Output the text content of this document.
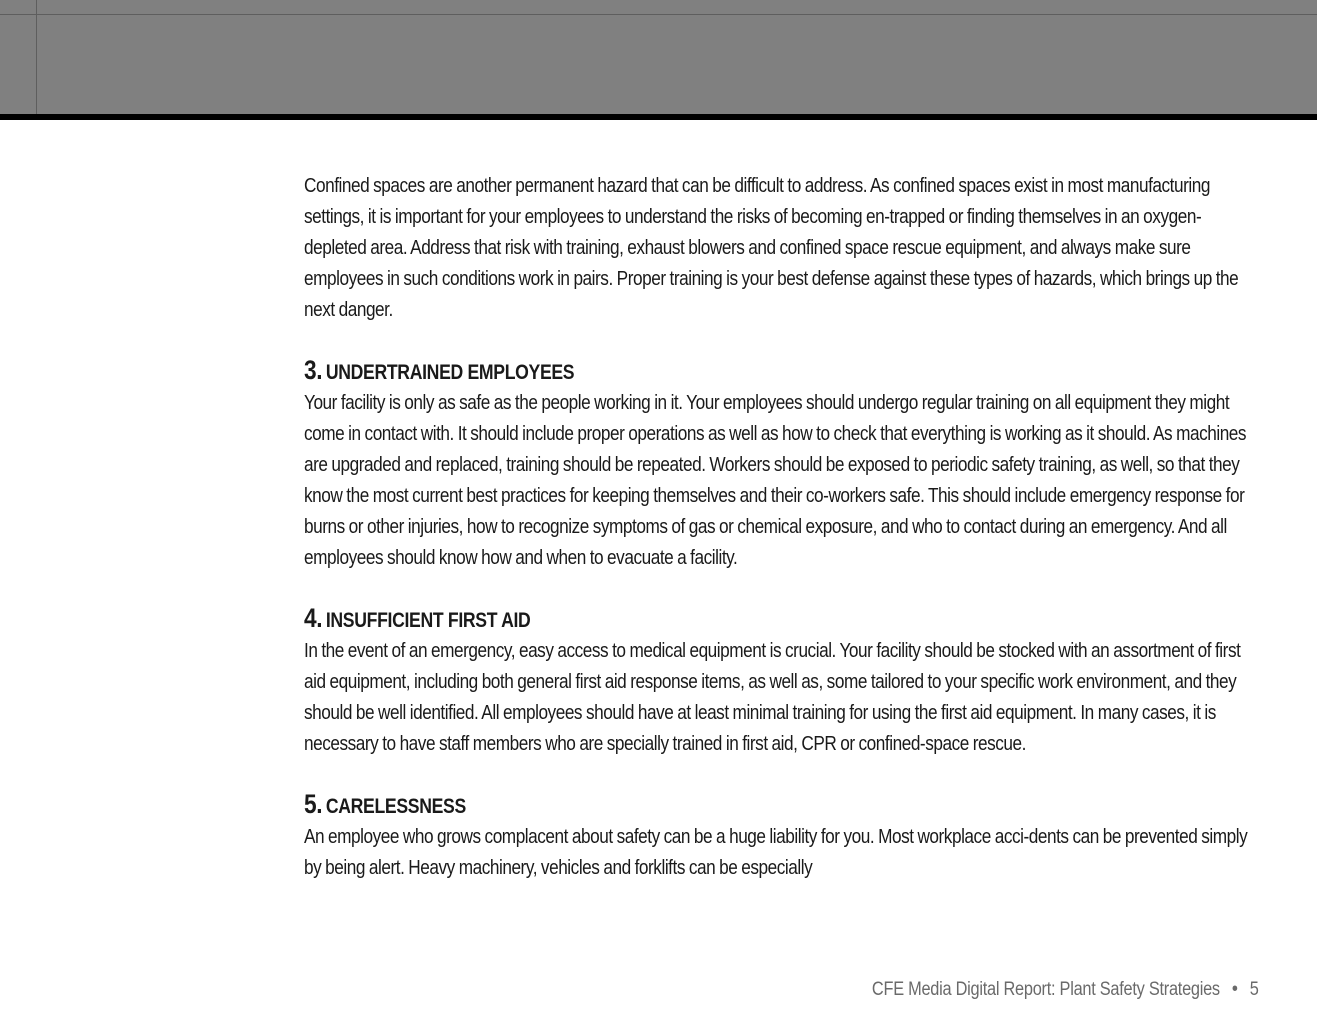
Confined spaces are another permanent hazard that can be difficult to address. As confined spaces exist in most manufacturing settings, it is important for your employees to understand the risks of becoming en-trapped or finding themselves in an oxygen-depleted area. Address that risk with training, exhaust blowers and confined space rescue equipment, and always make sure employees in such conditions work in pairs. Proper training is your best defense against these types of hazards, which brings up the next danger.

3. UNDERTRAINED EMPLOYEES

Your facility is only as safe as the people working in it. Your employees should undergo regular training on all equipment they might come in contact with. It should include proper operations as well as how to check that everything is working as it should. As machines are upgraded and replaced, training should be repeated. Workers should be exposed to periodic safety training, as well, so that they know the most current best practices for keeping themselves and their co-workers safe. This should include emergency response for burns or other injuries, how to recognize symptoms of gas or chemical exposure, and who to contact during an emergency. And all employees should know how and when to evacuate a facility.

4. INSUFFICIENT FIRST AID

In the event of an emergency, easy access to medical equipment is crucial. Your facility should be stocked with an assortment of first aid equipment, including both general first aid response items, as well as, some tailored to your specific work environment, and they should be well identified. All employees should have at least minimal training for using the first aid equipment. In many cases, it is necessary to have staff members who are specially trained in first aid, CPR or confined-space rescue.

5. CARELESSNESS

An employee who grows complacent about safety can be a huge liability for you. Most workplace acci-dents can be prevented simply by being alert. Heavy machinery, vehicles and forklifts can be especially

CFE Media Digital Report: Plant Safety Strategies • 5
